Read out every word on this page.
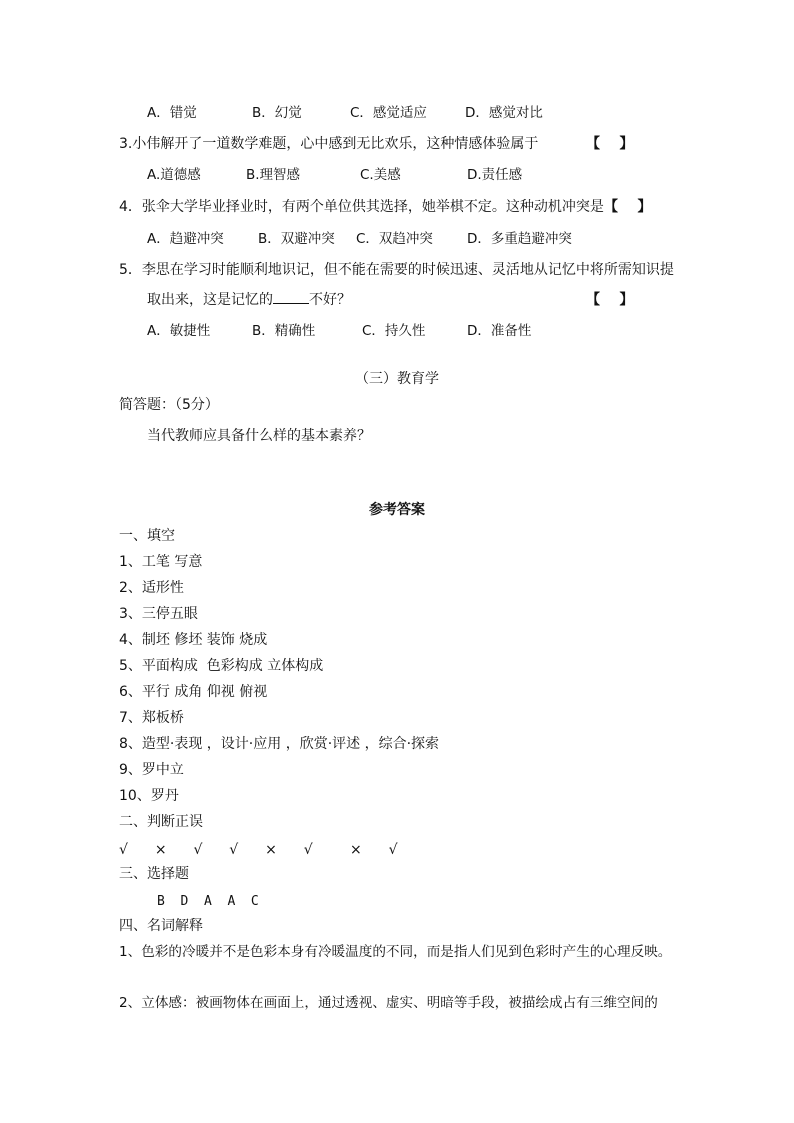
A．错觉	B．幻觉	C．感觉适应	D．感觉对比
3.小伟解开了一道数学难题，心中感到无比欢乐，这种情感体验属于	【    】
A.道德感	B.理智感	C.美感	D.责任感
4．张伞大学毕业择业时，有两个单位供其选择，她举棋不定。这种动机冲突是 【    】
A．趋避冲突	B．双避冲突 C．双趋冲突	D．多重趋避冲突
5．李思在学习时能顺利地识记，但不能在需要的时候迅速、灵活地从记忆中将所需知识提
取出来，这是记忆的	不好？	【    】
A．敏捷性	B．精确性	C．持久性	D．准备性
（三）教育学
简答题：（5分）
当代教师应具备什么样的基本素养？
参考答案
一、填空
1、工笔 写意
2、适形性
3、三停五眼
4、制坯 修坯 装饰 烧成
5、平面构成  色彩构成 立体构成
6、平行 成角 仰视 俯视
7、郑板桥
8、造型·表现 ，设计·应用 ，欣赏·评述 ，综合·探索
9、罗中立
10、罗丹
二、判断正误
√  ×  √  √  ×  √   ×  √
三、选择题
B  D  A  A  C
四、名词解释
1、色彩的冷暖并不是色彩本身有冷暖温度的不同，而是指人们见到色彩时产生的心理反映。
2、立体感：被画物体在画面上，通过透视、虚实、明暗等手段，被描绘成占有三维空间的
